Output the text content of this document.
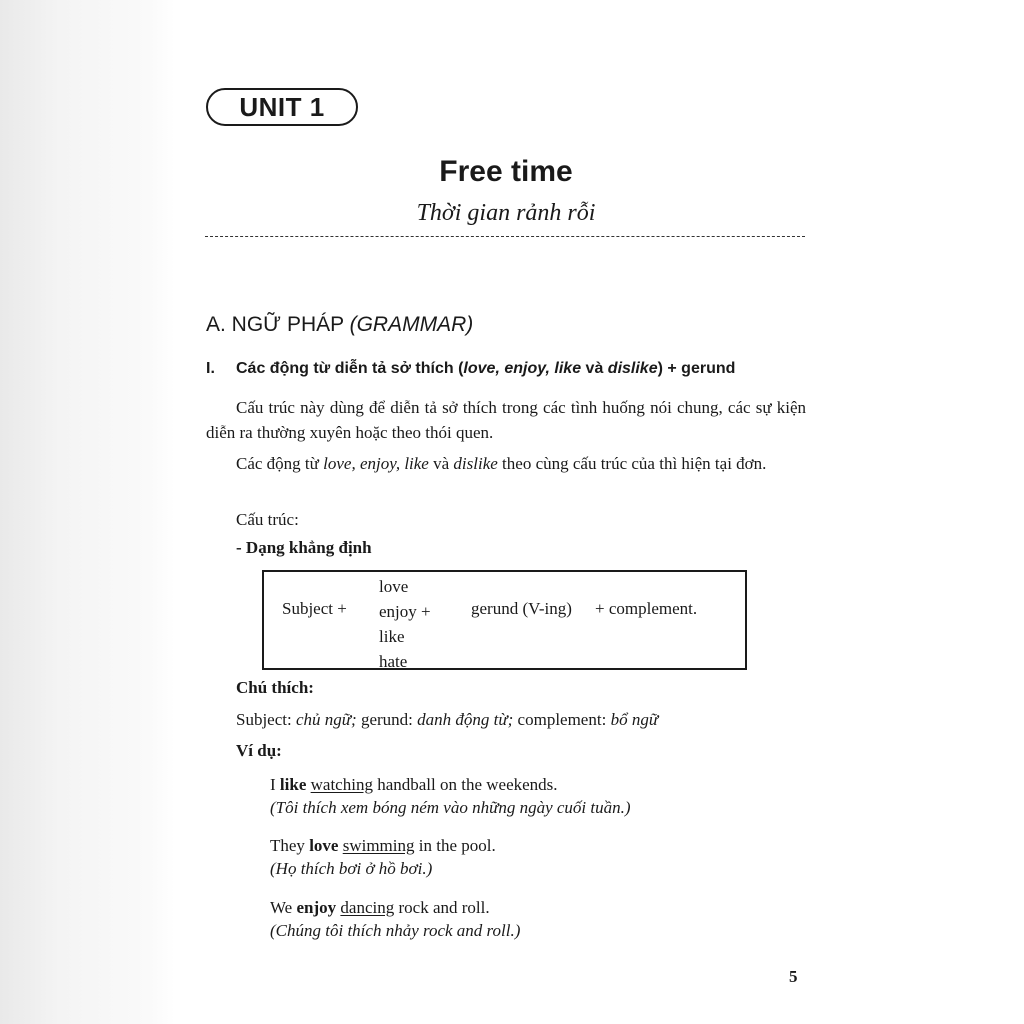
UNIT 1
Free time
Thời gian rảnh rỗi
A. NGỮ PHÁP (GRAMMAR)
I. Các động từ diễn tả sở thích (love, enjoy, like và dislike) + gerund
Cấu trúc này dùng để diễn tả sở thích trong các tình huống nói chung, các sự kiện diễn ra thường xuyên hoặc theo thói quen.
Các động từ love, enjoy, like và dislike theo cùng cấu trúc của thì hiện tại đơn.
Cấu trúc:
- Dạng khẳng định
Subject +
love
enjoy +
like
hate
gerund (V-ing) + complement.
Chú thích:
Subject: chủ ngữ; gerund: danh động từ; complement: bổ ngữ
Ví dụ:
I like watching handball on the weekends.
(Tôi thích xem bóng ném vào những ngày cuối tuần.)
They love swimming in the pool.
(Họ thích bơi ở hồ bơi.)
We enjoy dancing rock and roll.
(Chúng tôi thích nhảy rock and roll.)
5
